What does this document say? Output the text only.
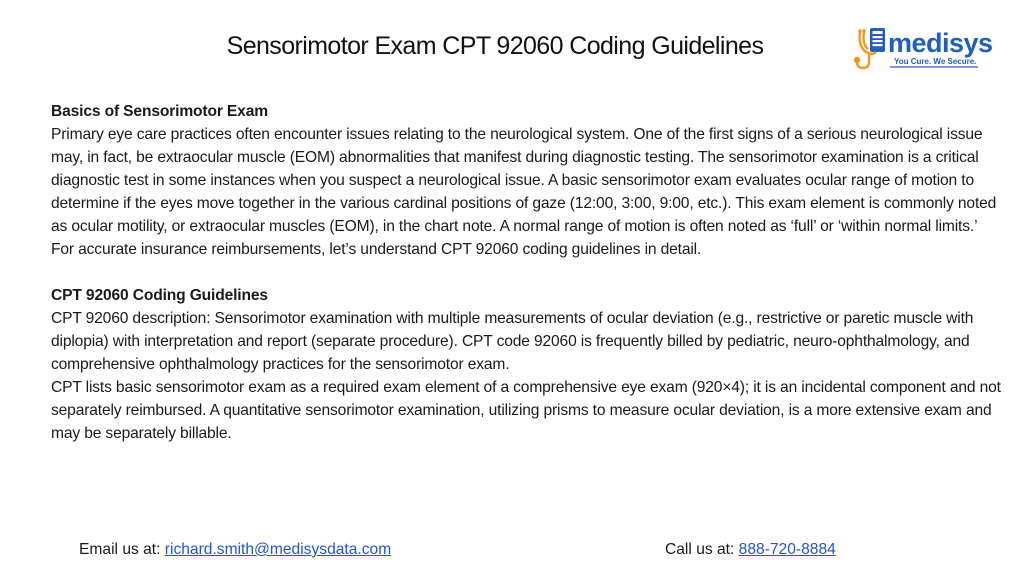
Sensorimotor Exam CPT 92060 Coding Guidelines	medisys
You Cure. We Secure.

Basics of Sensorimotor Exam

Primary eye care practices often encounter issues relating to the neurological system. One of the first signs of a serious neurological issue may, in fact, be extraocular muscle (EOM) abnormalities that manifest during diagnostic testing. The sensorimotor examination is a critical diagnostic test in some instances when you suspect a neurological issue. A basic sensorimotor exam evaluates ocular range of motion to determine if the eyes move together in the various cardinal positions of gaze (12:00, 3:00, 9:00, etc.). This exam element is commonly noted as ocular motility, or extraocular muscles (EOM), in the chart note. A normal range of motion is often noted as ‘full’ or ‘within normal limits.’ For accurate insurance reimbursements, let’s understand CPT 92060 coding guidelines in detail.

CPT 92060 Coding Guidelines

CPT 92060 description: Sensorimotor examination with multiple measurements of ocular deviation (e.g., restrictive or paretic muscle with diplopia) with interpretation and report (separate procedure). CPT code 92060 is frequently billed by pediatric, neuro-ophthalmology, and comprehensive ophthalmology practices for the sensorimotor exam.

CPT lists basic sensorimotor exam as a required exam element of a comprehensive eye exam (920×4); it is an incidental component and not separately reimbursed. A quantitative sensorimotor examination, utilizing prisms to measure ocular deviation, is a more extensive exam and may be separately billable.

Email us at: richard.smith@medisysdata.com	Call us at: 888-720-8884
